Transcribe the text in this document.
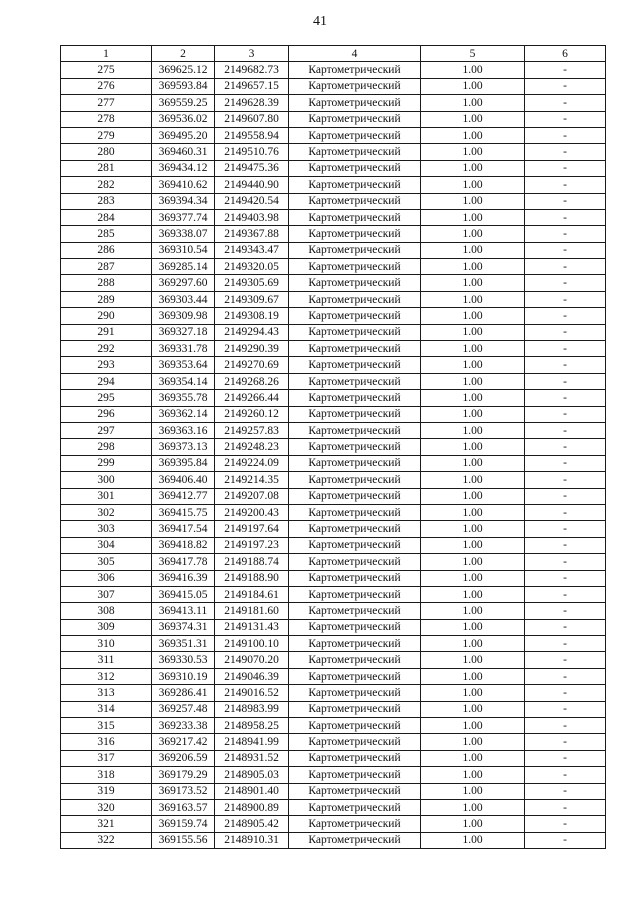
41
1	2	3	4	5	6
275	369625.12	2149682.73	Картометрический	1.00	-
276	369593.84	2149657.15	Картометрический	1.00	-
277	369559.25	2149628.39	Картометрический	1.00	-
278	369536.02	2149607.80	Картометрический	1.00	-
279	369495.20	2149558.94	Картометрический	1.00	-
280	369460.31	2149510.76	Картометрический	1.00	-
281	369434.12	2149475.36	Картометрический	1.00	-
282	369410.62	2149440.90	Картометрический	1.00	-
283	369394.34	2149420.54	Картометрический	1.00	-
284	369377.74	2149403.98	Картометрический	1.00	-
285	369338.07	2149367.88	Картометрический	1.00	-
286	369310.54	2149343.47	Картометрический	1.00	-
287	369285.14	2149320.05	Картометрический	1.00	-
288	369297.60	2149305.69	Картометрический	1.00	-
289	369303.44	2149309.67	Картометрический	1.00	-
290	369309.98	2149308.19	Картометрический	1.00	-
291	369327.18	2149294.43	Картометрический	1.00	-
292	369331.78	2149290.39	Картометрический	1.00	-
293	369353.64	2149270.69	Картометрический	1.00	-
294	369354.14	2149268.26	Картометрический	1.00	-
295	369355.78	2149266.44	Картометрический	1.00	-
296	369362.14	2149260.12	Картометрический	1.00	-
297	369363.16	2149257.83	Картометрический	1.00	-
298	369373.13	2149248.23	Картометрический	1.00	-
299	369395.84	2149224.09	Картометрический	1.00	-
300	369406.40	2149214.35	Картометрический	1.00	-
301	369412.77	2149207.08	Картометрический	1.00	-
302	369415.75	2149200.43	Картометрический	1.00	-
303	369417.54	2149197.64	Картометрический	1.00	-
304	369418.82	2149197.23	Картометрический	1.00	-
305	369417.78	2149188.74	Картометрический	1.00	-
306	369416.39	2149188.90	Картометрический	1.00	-
307	369415.05	2149184.61	Картометрический	1.00	-
308	369413.11	2149181.60	Картометрический	1.00	-
309	369374.31	2149131.43	Картометрический	1.00	-
310	369351.31	2149100.10	Картометрический	1.00	-
311	369330.53	2149070.20	Картометрический	1.00	-
312	369310.19	2149046.39	Картометрический	1.00	-
313	369286.41	2149016.52	Картометрический	1.00	-
314	369257.48	2148983.99	Картометрический	1.00	-
315	369233.38	2148958.25	Картометрический	1.00	-
316	369217.42	2148941.99	Картометрический	1.00	-
317	369206.59	2148931.52	Картометрический	1.00	-
318	369179.29	2148905.03	Картометрический	1.00	-
319	369173.52	2148901.40	Картометрический	1.00	-
320	369163.57	2148900.89	Картометрический	1.00	-
321	369159.74	2148905.42	Картометрический	1.00	-
322	369155.56	2148910.31	Картометрический	1.00	-
